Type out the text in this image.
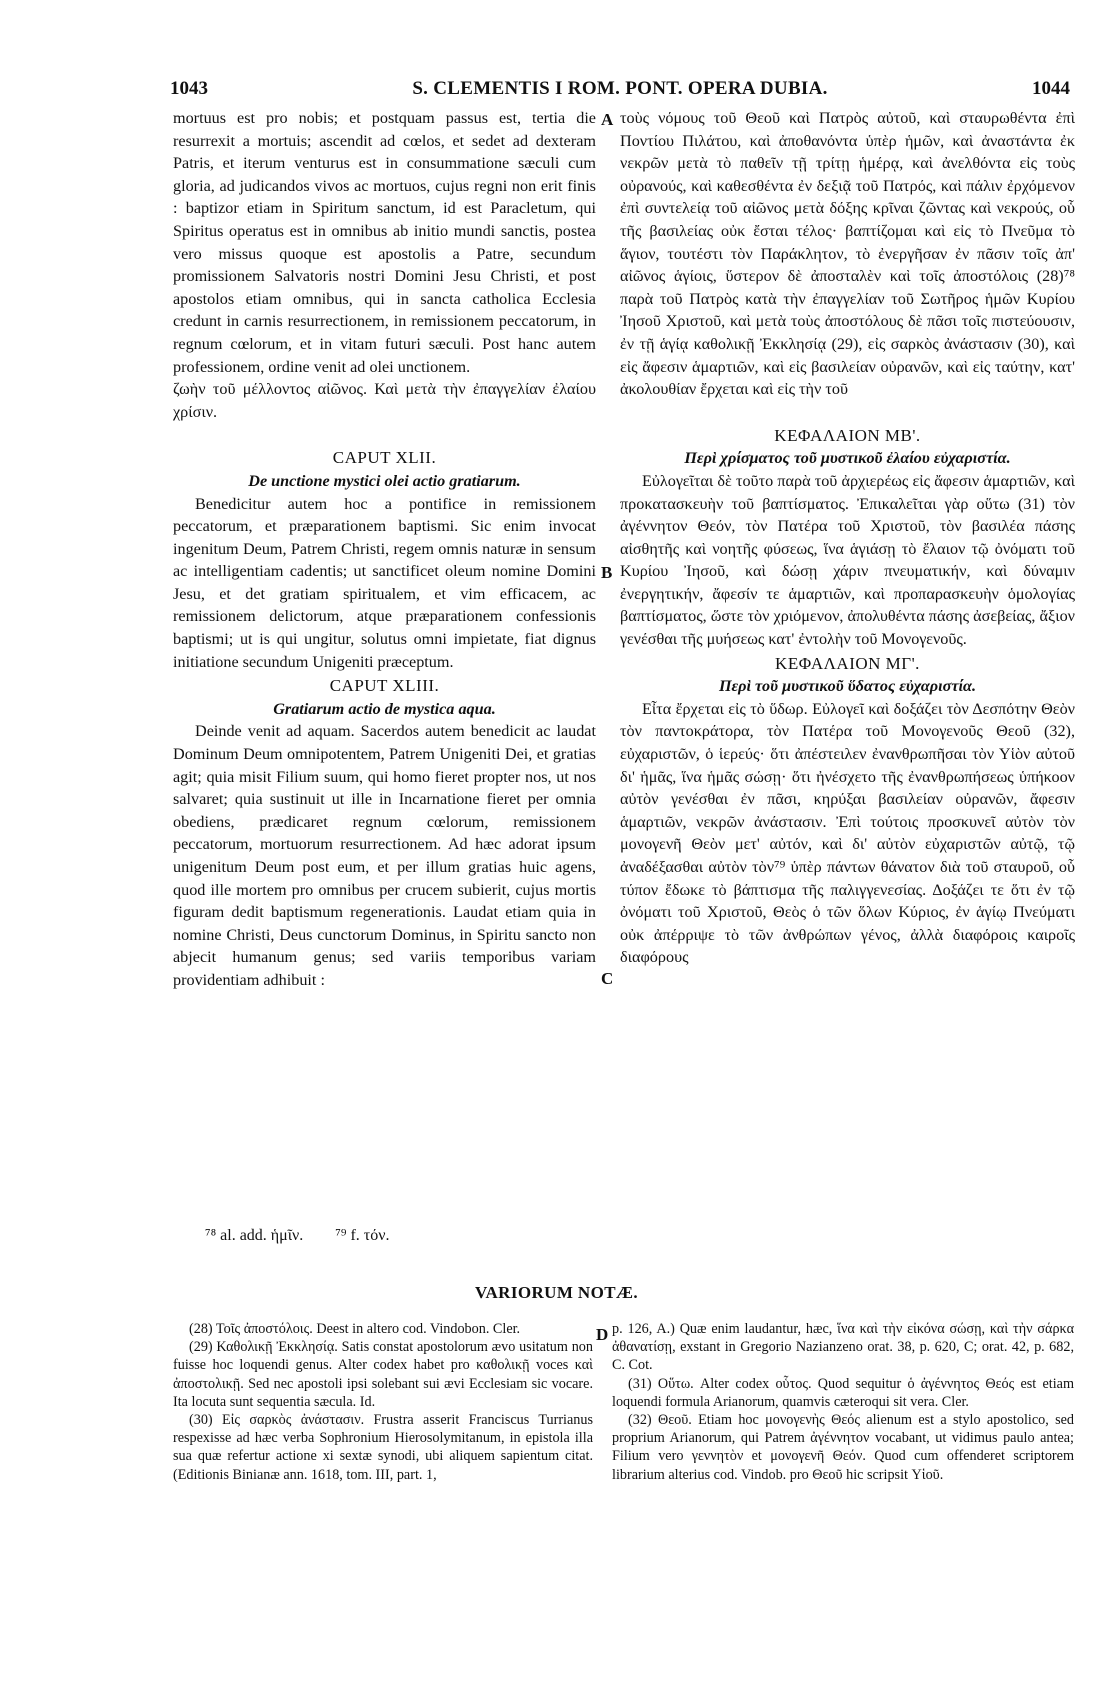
1043	S. CLEMENTIS I ROM. PONT. OPERA DUBIA.	1044
A
B
C
D

mortuus est pro nobis; et postquam passus est, tertia die resurrexit a mortuis; ascendit ad cœlos, et sedet ad dexteram Patris, et iterum venturus est in consummatione sæculi cum gloria, ad judicandos vivos ac mortuos, cujus regni non erit finis : baptizor etiam in Spiritum sanctum, id est Paracletum, qui Spiritus operatus est in omnibus ab initio mundi sanctis, postea vero missus quoque est apostolis a Patre, secundum promissionem Salvatoris nostri Domini Jesu Christi, et post apostolos etiam omnibus, qui in sancta catholica Ecclesia credunt in carnis resurrectionem, in remissionem peccatorum, in regnum cœlorum, et in vitam futuri sæculi. Post hanc autem professionem, ordine venit ad olei unctionem.

ζωὴν τοῦ μέλλοντος αἰῶνος. Καὶ μετὰ τὴν ἐπαγγελίαν ἐλαίου χρίσιν.

CAPUT XLII.
De unctione mystici olei actio gratiarum.

Benedicitur autem hoc a pontifice in remissionem peccatorum, et præparationem baptismi. Sic enim invocat ingenitum Deum, Patrem Christi, regem omnis naturæ in sensum ac intelligentiam cadentis; ut sanctificet oleum nomine Domini Jesu, et det gratiam spiritualem, et vim efficacem, ac remissionem delictorum, atque præparationem confessionis baptismi; ut is qui ungitur, solutus omni impietate, fiat dignus initiatione secundum Unigeniti præceptum.

CAPUT XLIII.
Gratiarum actio de mystica aqua.

Deinde venit ad aquam. Sacerdos autem benedicit ac laudat Dominum Deum omnipotentem, Patrem Unigeniti Dei, et gratias agit; quia misit Filium suum, qui homo fieret propter nos, ut nos salvaret; quia sustinuit ut ille in Incarnatione fieret per omnia obediens, prædicaret regnum cœlorum, remissionem peccatorum, mortuorum resurrectionem. Ad hæc adorat ipsum unigenitum Deum post eum, et per illum gratias huic agens, quod ille mortem pro omnibus per crucem subierit, cujus mortis figuram dedit baptismum regenerationis. Laudat etiam quia in nomine Christi, Deus cunctorum Dominus, in Spiritu sancto non abjecit humanum genus; sed variis temporibus variam providentiam adhibuit :

τοὺς νόμους τοῦ Θεοῦ καὶ Πατρὸς αὐτοῦ, καὶ σταυρωθέντα ἐπὶ Ποντίου Πιλάτου, καὶ ἀποθανόντα ὑπὲρ ἡμῶν, καὶ ἀναστάντα ἐκ νεκρῶν μετὰ τὸ παθεῖν τῇ τρίτῃ ἡμέρᾳ, καὶ ἀνελθόντα εἰς τοὺς οὐρανούς, καὶ καθεσθέντα ἐν δεξιᾷ τοῦ Πατρός, καὶ πάλιν ἐρχόμενον ἐπὶ συντελείᾳ τοῦ αἰῶνος μετὰ δόξης κρῖναι ζῶντας καὶ νεκρούς, οὗ τῆς βασιλείας οὐκ ἔσται τέλος· βαπτίζομαι καὶ εἰς τὸ Πνεῦμα τὸ ἅγιον, τουτέστι τὸν Παράκλητον, τὸ ἐνεργῆσαν ἐν πᾶσιν τοῖς ἀπ' αἰῶνος ἁγίοις, ὕστερον δὲ ἀποσταλὲν καὶ τοῖς ἀποστόλοις (28)⁷⁸ παρὰ τοῦ Πατρὸς κατὰ τὴν ἐπαγγελίαν τοῦ Σωτῆρος ἡμῶν Κυρίου Ἰησοῦ Χριστοῦ, καὶ μετὰ τοὺς ἀποστόλους δὲ πᾶσι τοῖς πιστεύουσιν, ἐν τῇ ἁγίᾳ καθολικῇ Ἐκκλησίᾳ (29), εἰς σαρκὸς ἀνάστασιν (30), καὶ εἰς ἄφεσιν ἁμαρτιῶν, καὶ εἰς βασιλείαν οὐρανῶν, καὶ εἰς ταύτην, κατ' ἀκολουθίαν ἔρχεται καὶ εἰς τὴν τοῦ

ΚΕΦΑΛΑΙΟΝ ΜΒ'.
Περὶ χρίσματος τοῦ μυστικοῦ ἐλαίου εὐχαριστία.

Εὐλογεῖται δὲ τοῦτο παρὰ τοῦ ἀρχιερέως εἰς ἄφεσιν ἁμαρτιῶν, καὶ προκατασκευὴν τοῦ βαπτίσματος. Ἐπικαλεῖται γὰρ οὕτω (31) τὸν ἀγέννητον Θεόν, τὸν Πατέρα τοῦ Χριστοῦ, τὸν βασιλέα πάσης αἰσθητῆς καὶ νοητῆς φύσεως, ἵνα ἁγιάσῃ τὸ ἔλαιον τῷ ὀνόματι τοῦ Κυρίου Ἰησοῦ, καὶ δώσῃ χάριν πνευματικήν, καὶ δύναμιν ἐνεργητικήν, ἄφεσίν τε ἁμαρτιῶν, καὶ προπαρασκευὴν ὁμολογίας βαπτίσματος, ὥστε τὸν χριόμενον, ἀπολυθέντα πάσης ἀσεβείας, ἄξιον γενέσθαι τῆς μυήσεως κατ' ἐντολὴν τοῦ Μονογενοῦς.

ΚΕΦΑΛΑΙΟΝ ΜΓ'.
Περὶ τοῦ μυστικοῦ ὕδατος εὐχαριστία.

Εἶτα ἔρχεται εἰς τὸ ὕδωρ. Εὐλογεῖ καὶ δοξάζει τὸν Δεσπότην Θεὸν τὸν παντοκράτορα, τὸν Πατέρα τοῦ Μονογενοῦς Θεοῦ (32), εὐχαριστῶν, ὁ ἱερεύς· ὅτι ἀπέστειλεν ἐνανθρωπῆσαι τὸν Υἱὸν αὐτοῦ δι' ἡμᾶς, ἵνα ἡμᾶς σώσῃ· ὅτι ἠνέσχετο τῆς ἐνανθρωπήσεως ὑπήκοον αὐτὸν γενέσθαι ἐν πᾶσι, κηρύξαι βασιλείαν οὐρανῶν, ἄφεσιν ἁμαρτιῶν, νεκρῶν ἀνάστασιν. Ἐπὶ τούτοις προσκυνεῖ αὐτὸν τὸν μονογενῆ Θεὸν μετ' αὐτόν, καὶ δι' αὐτὸν εὐχαριστῶν αὐτῷ, τῷ ἀναδέξασθαι αὐτὸν τὸν⁷⁹ ὑπὲρ πάντων θάνατον διὰ τοῦ σταυροῦ, οὗ τύπον ἔδωκε τὸ βάπτισμα τῆς παλιγγενεσίας. Δοξάζει τε ὅτι ἐν τῷ ὀνόματι τοῦ Χριστοῦ, Θεὸς ὁ τῶν ὅλων Κύριος, ἐν ἁγίῳ Πνεύματι οὐκ ἀπέρριψε τὸ τῶν ἀνθρώπων γένος, ἀλλὰ διαφόροις καιροῖς διαφόρους

⁷⁸ al. add. ἡμῖν. ⁷⁹ f. τόν.
VARIORUM NOTÆ.

(28) Τοῖς ἀποστόλοις. Deest in altero cod. Vindobon. Cler.

(29) Καθολικῇ Ἐκκλησίᾳ. Satis constat apostolorum ævo usitatum non fuisse hoc loquendi genus. Alter codex habet pro καθολικῇ voces καὶ ἀποστολικῇ. Sed nec apostoli ipsi solebant sui ævi Ecclesiam sic vocare. Ita locuta sunt sequentia sæcula. Id.

(30) Εἰς σαρκὸς ἀνάστασιν. Frustra asserit Franciscus Turrianus respexisse ad hæc verba Sophronium Hierosolymitanum, in epistola illa sua quæ refertur actione xi sextæ synodi, ubi aliquem sapientum citat. (Editionis Binianæ ann. 1618, tom. III, part. 1,

p. 126, A.) Quæ enim laudantur, hæc, ἵνα καὶ τὴν εἰκόνα σώσῃ, καὶ τὴν σάρκα ἀθανατίσῃ, exstant in Gregorio Nazianzeno orat. 38, p. 620, C; orat. 42, p. 682, C. Cot.

(31) Οὕτω. Alter codex οὗτος. Quod sequitur ὁ ἀγέννητος Θεός est etiam loquendi formula Arianorum, quamvis cæteroqui sit vera. Cler.

(32) Θεοῦ. Etiam hoc μονογενὴς Θεός alienum est a stylo apostolico, sed proprium Arianorum, qui Patrem ἀγέννητον vocabant, ut vidimus paulo antea; Filium vero γεννητὸν et μονογενῆ Θεόν. Quod cum offenderet scriptorem librarium alterius cod. Vindob. pro Θεοῦ hic scripsit Υἱοῦ.
